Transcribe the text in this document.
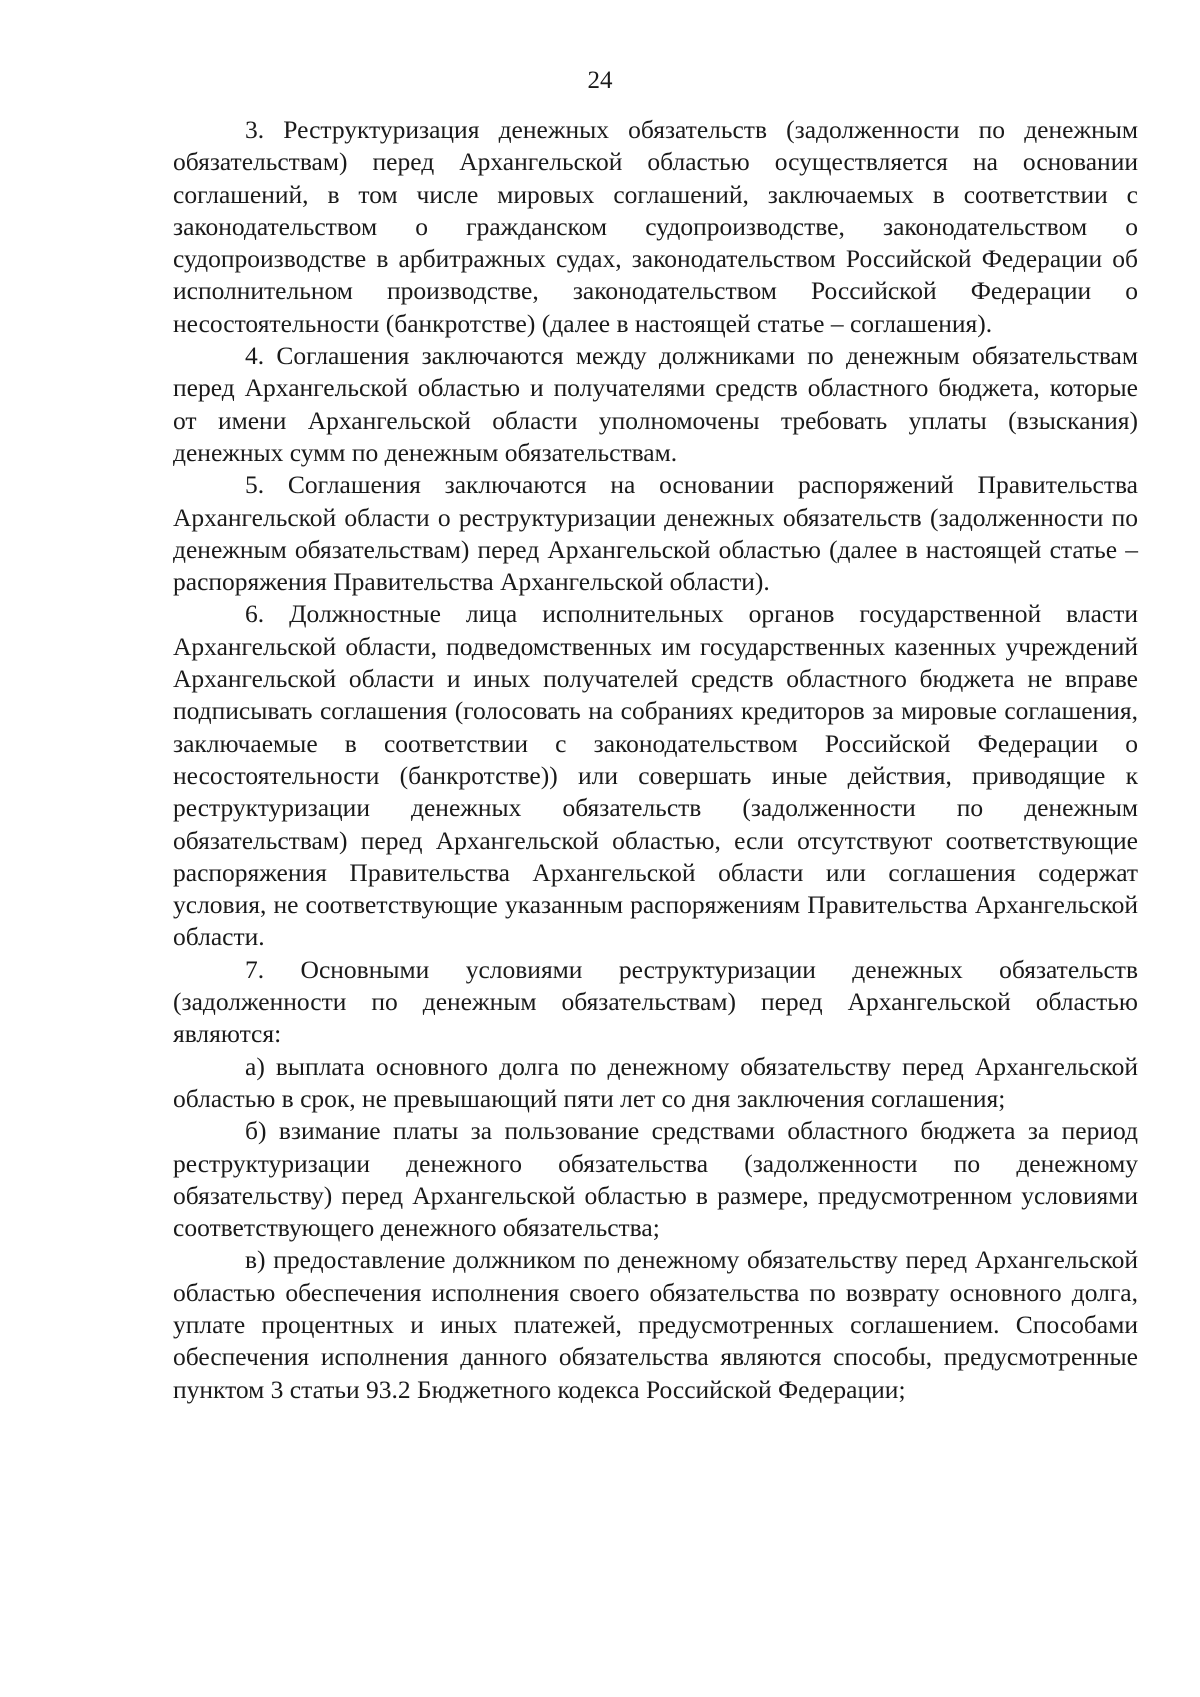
24

3. Реструктуризация денежных обязательств (задолженности по денежным обязательствам) перед Архангельской областью осуществляется на основании соглашений, в том числе мировых соглашений, заключаемых в соответствии с законодательством о гражданском судопроизводстве, законодательством о судопроизводстве в арбитражных судах, законодательством Российской Федерации об исполнительном производстве, законодательством Российской Федерации о несостоятельности (банкротстве) (далее в настоящей статье – соглашения).

4. Соглашения заключаются между должниками по денежным обязательствам перед Архангельской областью и получателями средств областного бюджета, которые от имени Архангельской области уполномочены требовать уплаты (взыскания) денежных сумм по денежным обязательствам.

5. Соглашения заключаются на основании распоряжений Правительства Архангельской области о реструктуризации денежных обязательств (задолженности по денежным обязательствам) перед Архангельской областью (далее в настоящей статье – распоряжения Правительства Архангельской области).

6. Должностные лица исполнительных органов государственной власти Архангельской области, подведомственных им государственных казенных учреждений Архангельской области и иных получателей средств областного бюджета не вправе подписывать соглашения (голосовать на собраниях кредиторов за мировые соглашения, заключаемые в соответствии с законодательством Российской Федерации о несостоятельности (банкротстве)) или совершать иные действия, приводящие к реструктуризации денежных обязательств (задолженности по денежным обязательствам) перед Архангельской областью, если отсутствуют соответствующие распоряжения Правительства Архангельской области или соглашения содержат условия, не соответствующие указанным распоряжениям Правительства Архангельской области.

7. Основными условиями реструктуризации денежных обязательств (задолженности по денежным обязательствам) перед Архангельской областью являются:

а) выплата основного долга по денежному обязательству перед Архангельской областью в срок, не превышающий пяти лет со дня заключения соглашения;

б) взимание платы за пользование средствами областного бюджета за период реструктуризации денежного обязательства (задолженности по денежному обязательству) перед Архангельской областью в размере, предусмотренном условиями соответствующего денежного обязательства;

в) предоставление должником по денежному обязательству перед Архангельской областью обеспечения исполнения своего обязательства по возврату основного долга, уплате процентных и иных платежей, предусмотренных соглашением. Способами обеспечения исполнения данного обязательства являются способы, предусмотренные пунктом 3 статьи 93.2 Бюджетного кодекса Российской Федерации;
